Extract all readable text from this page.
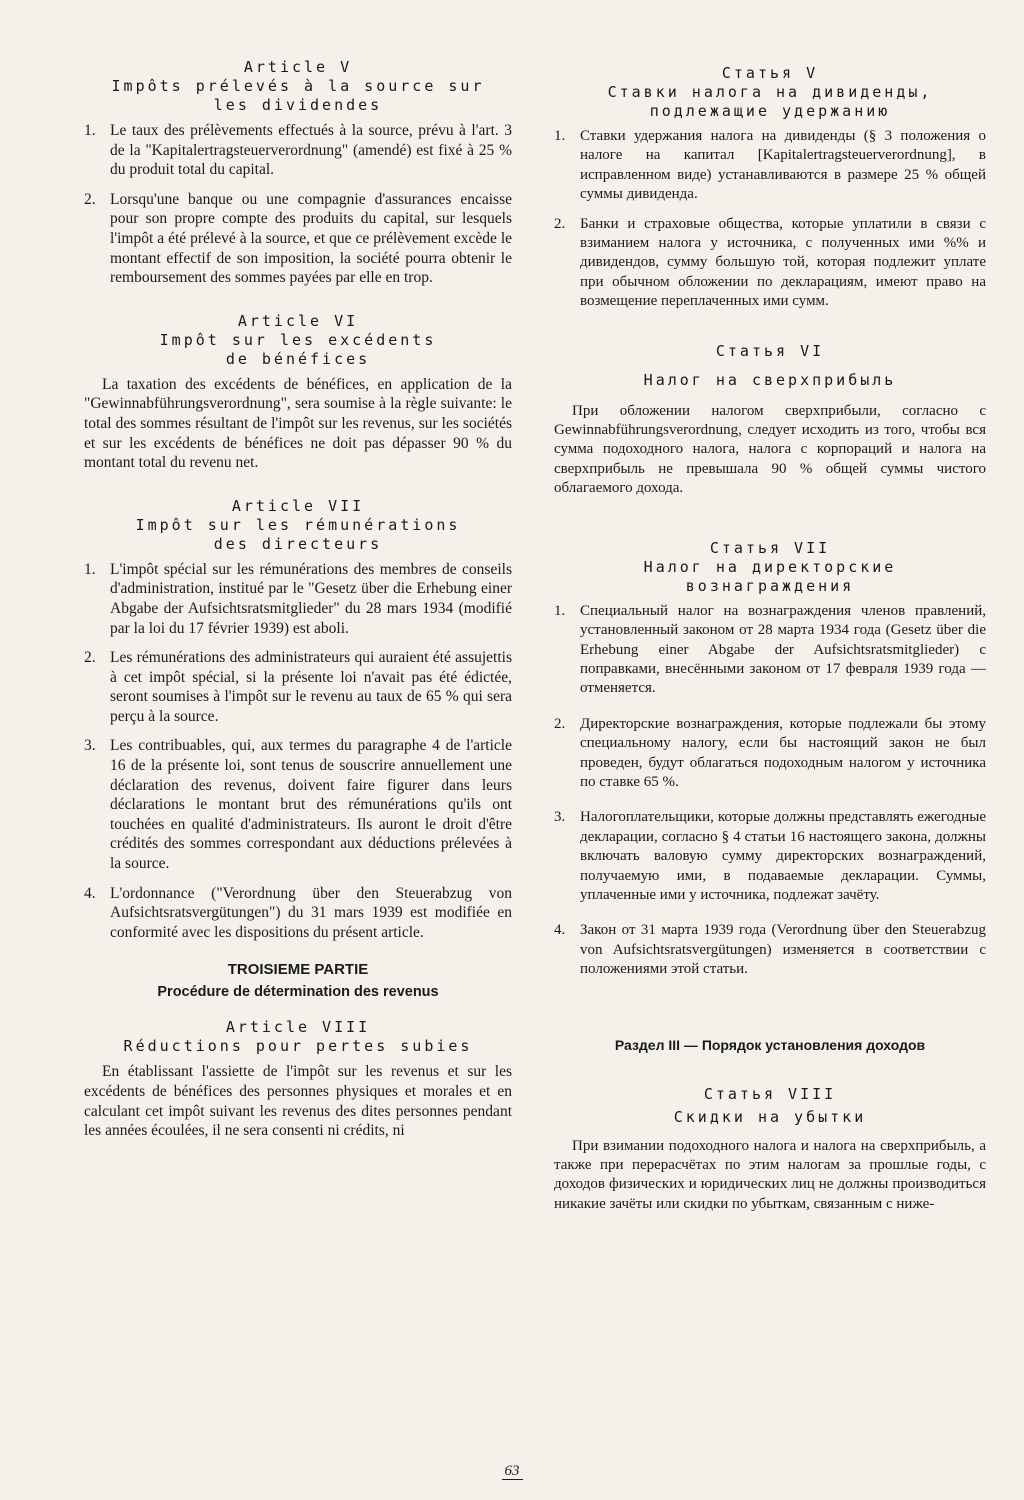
Article V

Impôts prélevés à la source sur
les dividendes

1. Le taux des prélèvements effectués à la source, prévu à l'art. 3 de la "Kapitalertragsteuerverordnung" (amendé) est fixé à 25 % du produit total du capital.
2. Lorsqu'une banque ou une compagnie d'assurances encaisse pour son propre compte des produits du capital, sur lesquels l'impôt a été prélevé à la source, et que ce prélèvement excède le montant effectif de son imposition, la société pourra obtenir le remboursement des sommes payées par elle en trop.

Article VI

Impôt sur les excédents
de bénéfices

La taxation des excédents de bénéfices, en application de la "Gewinnabführungsverordnung", sera soumise à la règle suivante: le total des sommes résultant de l'impôt sur les revenus, sur les sociétés et sur les excédents de bénéfices ne doit pas dépasser 90 % du montant total du revenu net.

Article VII

Impôt sur les rémunérations
des directeurs

1. L'impôt spécial sur les rémunérations des membres de conseils d'administration, institué par le "Gesetz über die Erhebung einer Abgabe der Aufsichtsratsmitglieder" du 28 mars 1934 (modifié par la loi du 17 février 1939) est aboli.
2. Les rémunérations des administrateurs qui auraient été assujettis à cet impôt spécial, si la présente loi n'avait pas été édictée, seront soumises à l'impôt sur le revenu au taux de 65 % qui sera perçu à la source.
3. Les contribuables, qui, aux termes du paragraphe 4 de l'article 16 de la présente loi, sont tenus de souscrire annuellement une déclaration des revenus, doivent faire figurer dans leurs déclarations le montant brut des rémunérations qu'ils ont touchées en qualité d'administrateurs. Ils auront le droit d'être crédités des sommes correspondant aux déductions prélevées à la source.
4. L'ordonnance ("Verordnung über den Steuerabzug von Aufsichtsratsvergütungen") du 31 mars 1939 est modifiée en conformité avec les dispositions du présent article.

TROISIEME PARTIE

Procédure de détermination des revenus

Article VIII

Réductions pour pertes subies

En établissant l'assiette de l'impôt sur les revenus et sur les excédents de bénéfices des personnes physiques et morales et en calculant cet impôt suivant les revenus des dites personnes pendant les années écoulées, il ne sera consenti ni crédits, ni

Статья V

Ставки налога на дивиденды,
подлежащие удержанию

1. Ставки удержания налога на дивиденды (§ 3 положения о налоге на капитал [Kapitalertragsteuerverordnung], в исправленном виде) устанавливаются в размере 25 % общей суммы дивиденда.
2. Банки и страховые общества, которые уплатили в связи с взиманием налога у источника, с полученных ими %% и дивидендов, сумму большую той, которая подлежит уплате при обычном обложении по декларациям, имеют право на возмещение переплаченных ими сумм.

Статья VI

Налог на сверхприбыль

При обложении налогом сверхприбыли, согласно с Gewinnabführungsverordnung, следует исходить из того, чтобы вся сумма подоходного налога, налога с корпораций и налога на сверхприбыль не превышала 90 % общей суммы чистого облагаемого дохода.

Статья VII

Налог на директорские
вознаграждения

1. Специальный налог на вознаграждения членов правлений, установленный законом от 28 марта 1934 года (Gesetz über die Erhebung einer Abgabe der Aufsichtsratsmitglieder) с поправками, внесёнными законом от 17 февраля 1939 года — отменяется.
2. Директорские вознаграждения, которые подлежали бы этому специальному налогу, если бы настоящий закон не был проведен, будут облагаться подоходным налогом у источника по ставке 65 %.
3. Налогоплательщики, которые должны представлять ежегодные декларации, согласно § 4 статьи 16 настоящего закона, должны включать валовую сумму директорских вознаграждений, получаемую ими, в подаваемые декларации. Суммы, уплаченные ими у источника, подлежат зачёту.
4. Закон от 31 марта 1939 года (Verordnung über den Steuerabzug von Aufsichtsratsvergütungen) изменяется в соответствии с положениями этой статьи.

Раздел III — Порядок установления доходов

Статья VIII

Скидки на убытки

При взимании подоходного налога и налога на сверхприбыль, а также при перерасчётах по этим налогам за прошлые годы, с доходов физических и юридических лиц не должны производиться никакие зачёты или скидки по убыткам, связанным с ниже-

63
